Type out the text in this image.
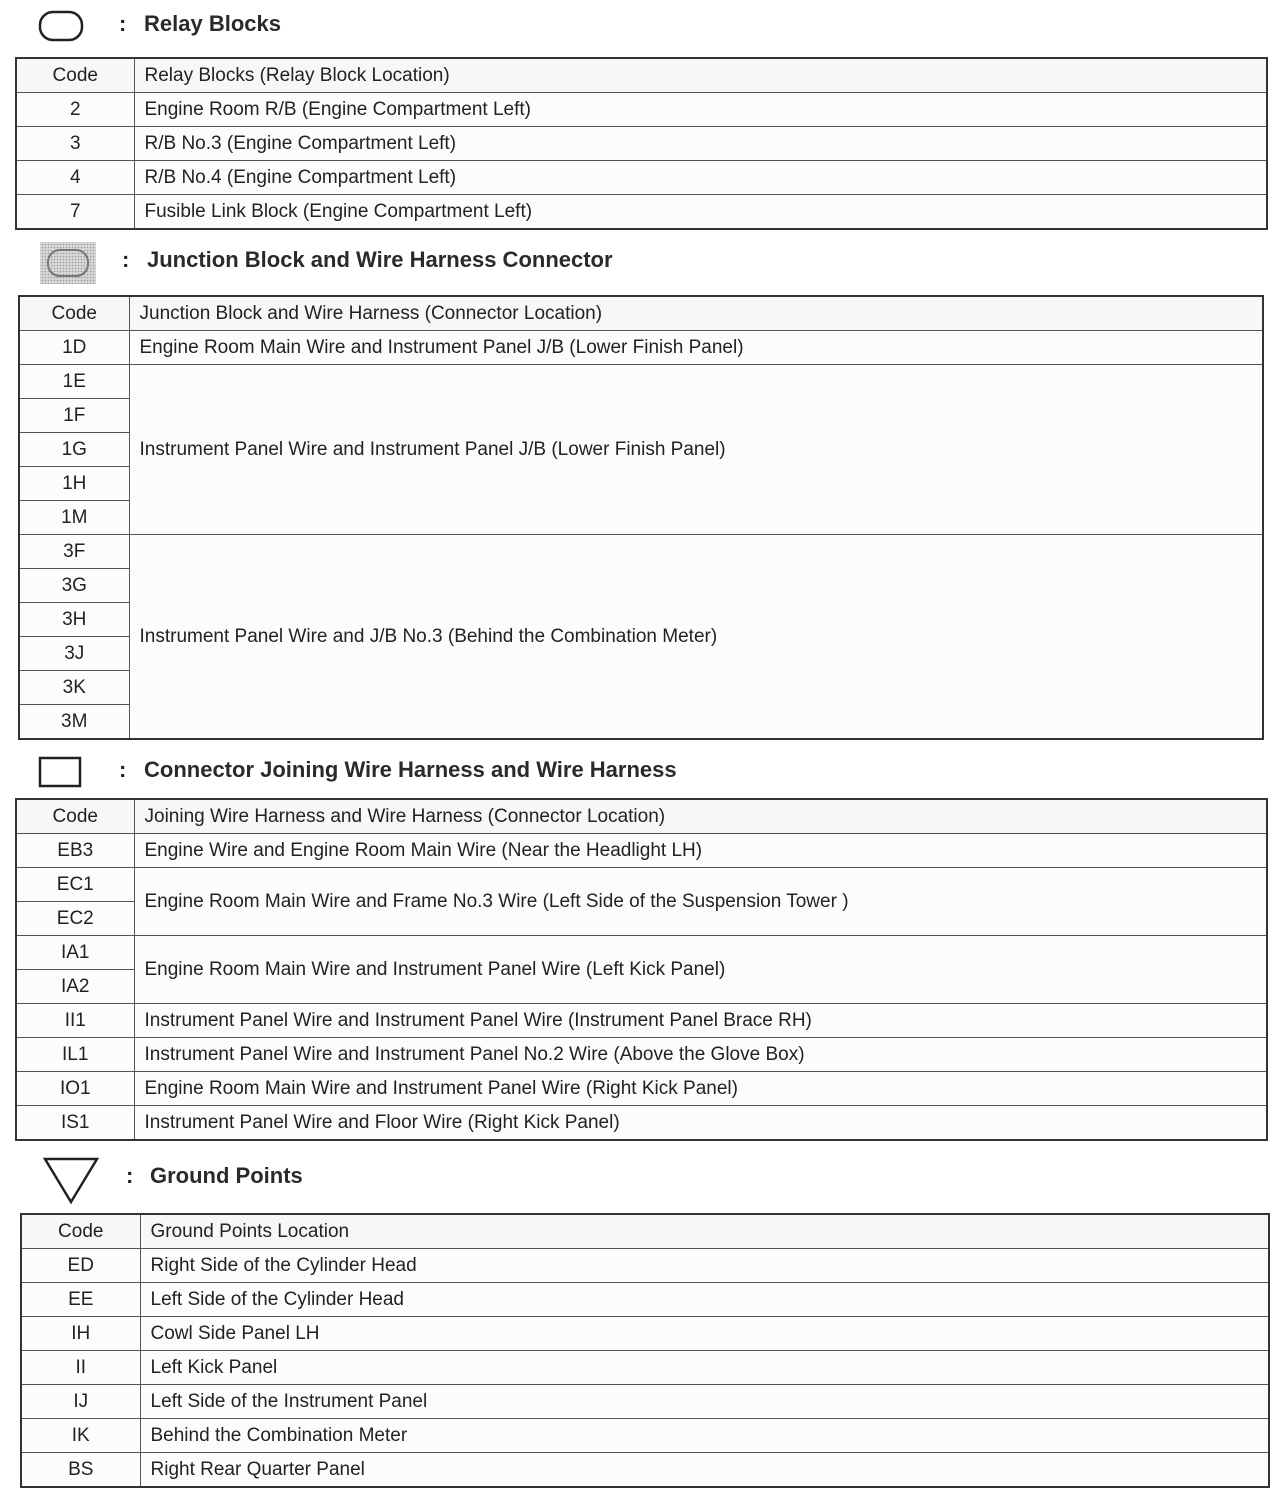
: Relay Blocks
Code	Relay Blocks (Relay Block Location)
2	Engine Room R/B (Engine Compartment Left)
3	R/B No.3 (Engine Compartment Left)
4	R/B No.4 (Engine Compartment Left)
7	Fusible Link Block (Engine Compartment Left)
: Junction Block and Wire Harness Connector
Code	Junction Block and Wire Harness (Connector Location)
1D	Engine Room Main Wire and Instrument Panel J/B (Lower Finish Panel)
1E	Instrument Panel Wire and Instrument Panel J/B (Lower Finish Panel)
1F	
1G	
1H	
1M	
3F	Instrument Panel Wire and J/B No.3 (Behind the Combination Meter)
3G	
3H	
3J	
3K	
3M	
: Connector Joining Wire Harness and Wire Harness
Code	Joining Wire Harness and Wire Harness (Connector Location)
EB3	Engine Wire and Engine Room Main Wire (Near the Headlight LH)
EC1	Engine Room Main Wire and Frame No.3 Wire (Left Side of the Suspension Tower )
EC2	
IA1	Engine Room Main Wire and Instrument Panel Wire (Left Kick Panel)
IA2	
II1	Instrument Panel Wire and Instrument Panel Wire (Instrument Panel Brace RH)
IL1	Instrument Panel Wire and Instrument Panel No.2 Wire (Above the Glove Box)
IO1	Engine Room Main Wire and Instrument Panel Wire (Right Kick Panel)
IS1	Instrument Panel Wire and Floor Wire (Right Kick Panel)
: Ground Points
Code	Ground Points Location
ED	Right Side of the Cylinder Head
EE	Left Side of the Cylinder Head
IH	Cowl Side Panel LH
II	Left Kick Panel
IJ	Left Side of the Instrument Panel
IK	Behind the Combination Meter
BS	Right Rear Quarter Panel
